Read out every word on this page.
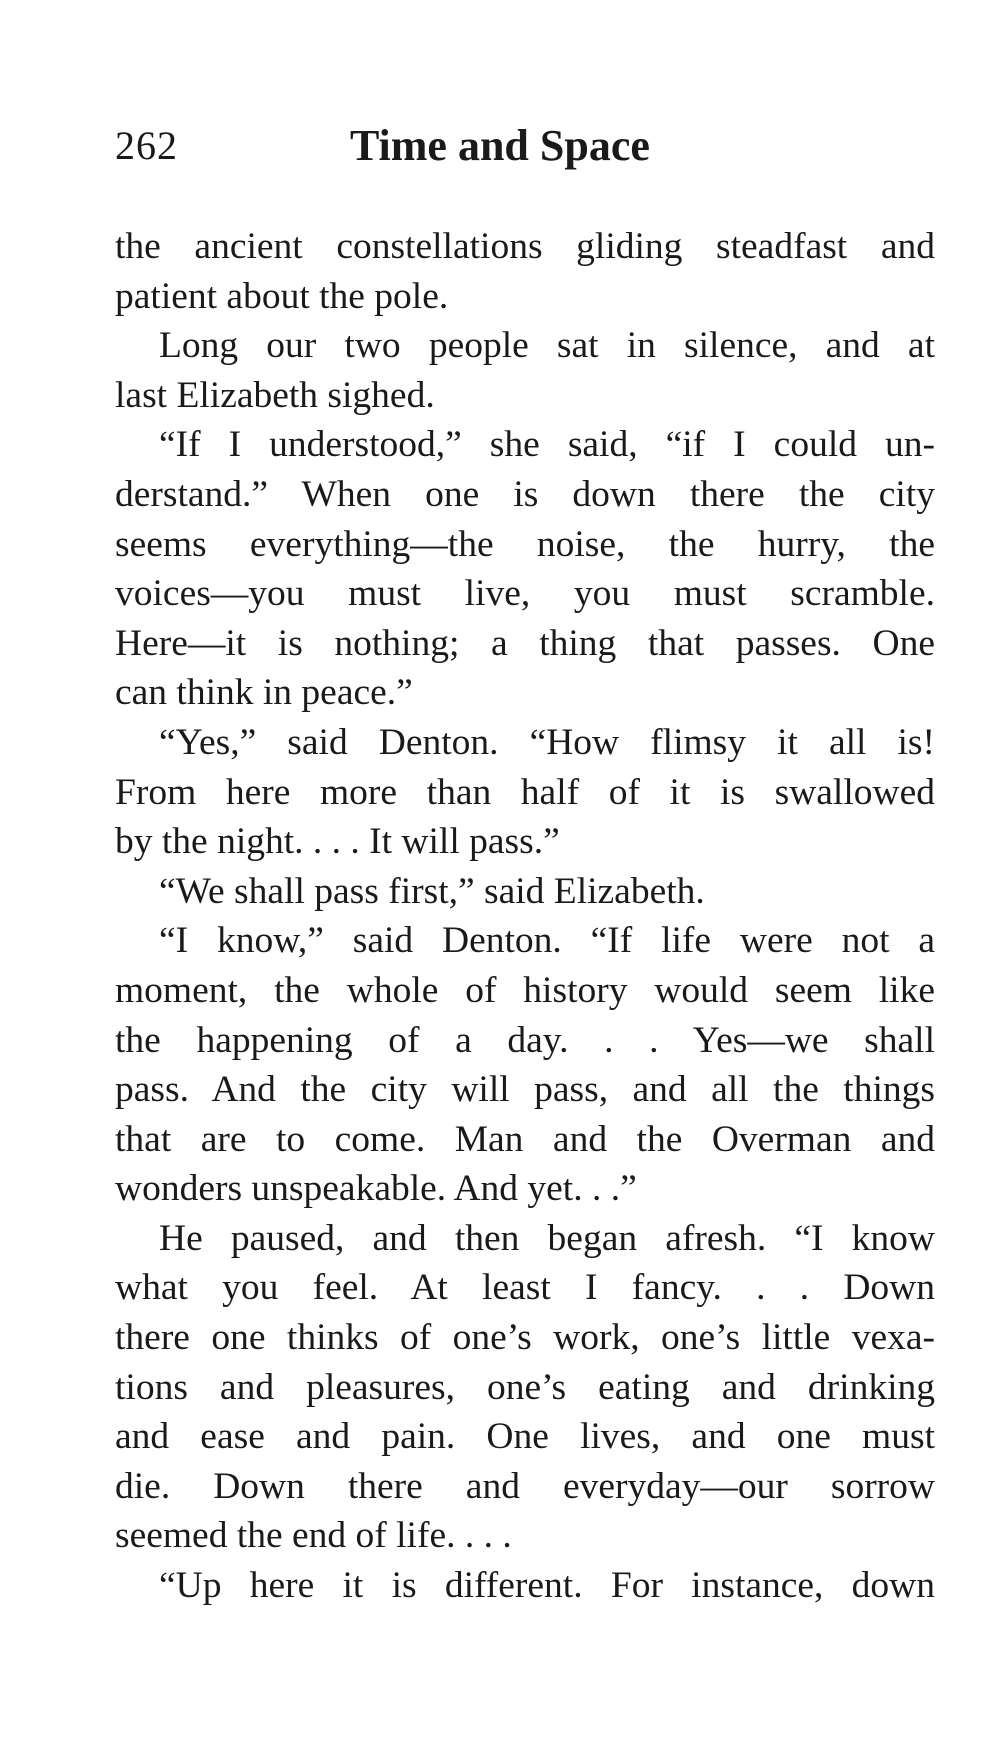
262	Time and Space
the ancient constellations gliding steadfast and
patient about the pole.
Long our two people sat in silence, and at
last Elizabeth sighed.
“If I understood,” she said, “if I could un-
derstand.” When one is down there the city
seems everything—the noise, the hurry, the
voices—you must live, you must scramble.
Here—it is nothing; a thing that passes. One
can think in peace.”
“Yes,” said Denton. “How flimsy it all is!
From here more than half of it is swallowed
by the night. . . . It will pass.”
“We shall pass first,” said Elizabeth.
“I know,” said Denton. “If life were not a
moment, the whole of history would seem like
the happening of a day. . . Yes—we shall
pass. And the city will pass, and all the things
that are to come. Man and the Overman and
wonders unspeakable. And yet. . .”
He paused, and then began afresh. “I know
what you feel. At least I fancy. . . Down
there one thinks of one’s work, one’s little vexa-
tions and pleasures, one’s eating and drinking
and ease and pain. One lives, and one must
die. Down there and everyday—our sorrow
seemed the end of life. . . .
“Up here it is different. For instance, down
